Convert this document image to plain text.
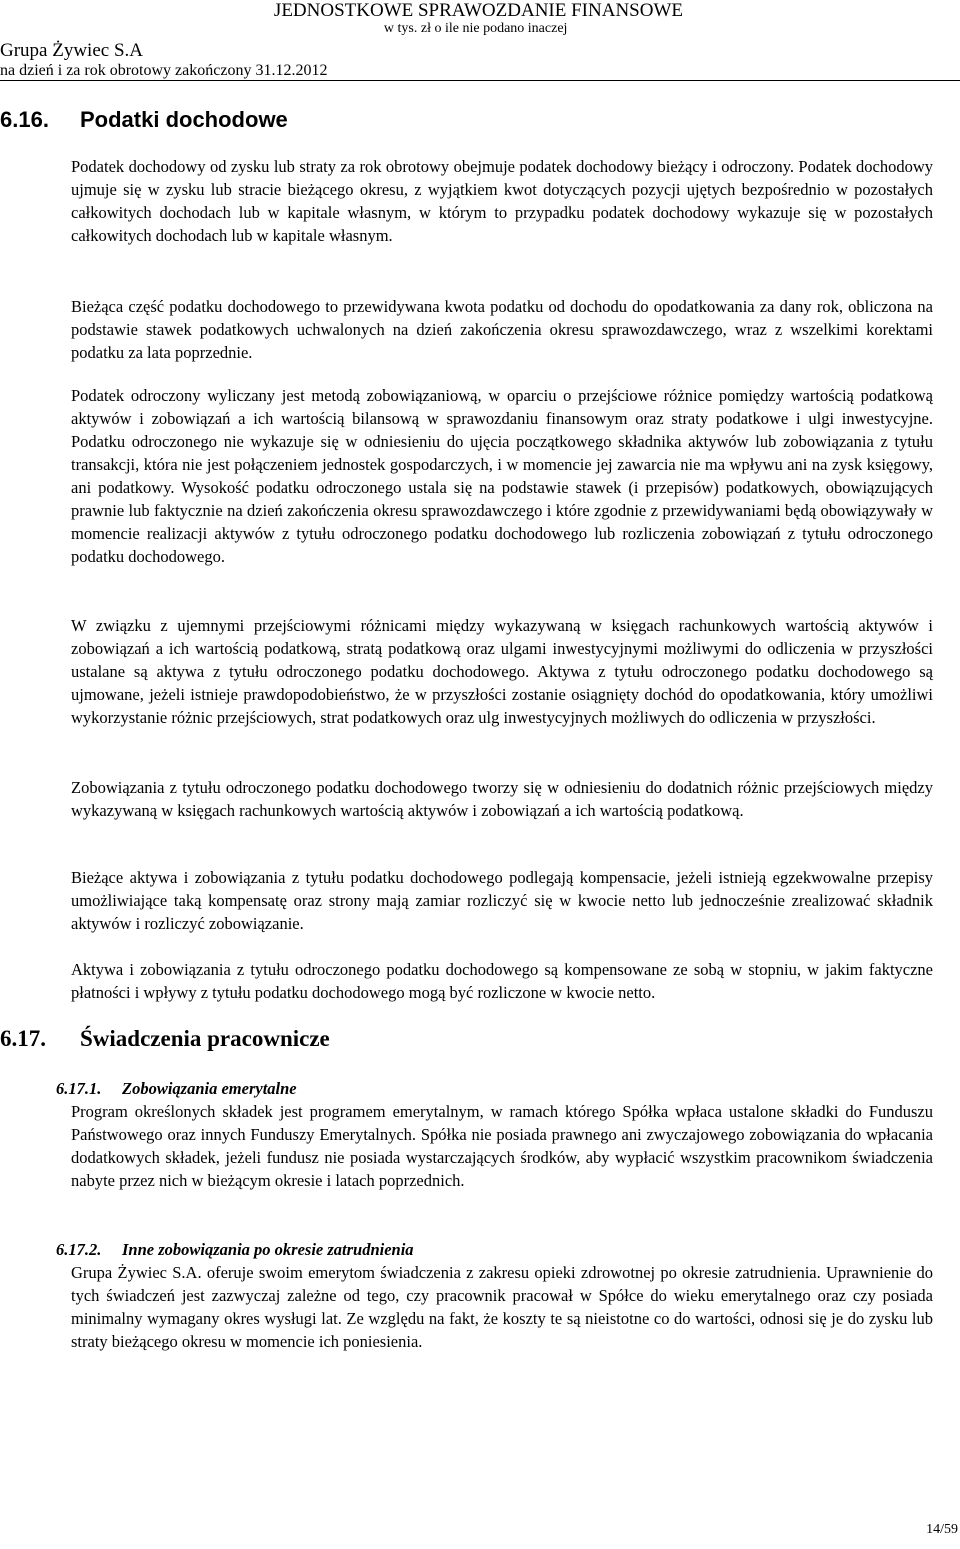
Grupa Żywiec S.A
na dzień i za rok obrotowy zakończony 31.12.2012
JEDNOSTKOWE SPRAWOZDANIE FINANSOWE
w tys. zł o ile nie podano inaczej
6.16. Podatki dochodowe

Podatek dochodowy od zysku lub straty za rok obrotowy obejmuje podatek dochodowy bieżący i odroczony. Podatek dochodowy ujmuje się w zysku lub stracie bieżącego okresu, z wyjątkiem kwot dotyczących pozycji ujętych bezpośrednio w pozostałych całkowitych dochodach lub w kapitale własnym, w którym to przypadku podatek dochodowy wykazuje się w pozostałych całkowitych dochodach lub w kapitale własnym.

Bieżąca część podatku dochodowego to przewidywana kwota podatku od dochodu do opodatkowania za dany rok, obliczona na podstawie stawek podatkowych uchwalonych na dzień zakończenia okresu sprawozdawczego, wraz z wszelkimi korektami podatku za lata poprzednie.

Podatek odroczony wyliczany jest metodą zobowiązaniową, w oparciu o przejściowe różnice pomiędzy wartością podatkową aktywów i zobowiązań a ich wartością bilansową w sprawozdaniu finansowym oraz straty podatkowe i ulgi inwestycyjne. Podatku odroczonego nie wykazuje się w odniesieniu do ujęcia początkowego składnika aktywów lub zobowiązania z tytułu transakcji, która nie jest połączeniem jednostek gospodarczych, i w momencie jej zawarcia nie ma wpływu ani na zysk księgowy, ani podatkowy. Wysokość podatku odroczonego ustala się na podstawie stawek (i przepisów) podatkowych, obowiązujących prawnie lub faktycznie na dzień zakończenia okresu sprawozdawczego i które zgodnie z przewidywaniami będą obowiązywały w momencie realizacji aktywów z tytułu odroczonego podatku dochodowego lub rozliczenia zobowiązań z tytułu odroczonego podatku dochodowego.

W związku z ujemnymi przejściowymi różnicami między wykazywaną w księgach rachunkowych wartością aktywów i zobowiązań a ich wartością podatkową, stratą podatkową oraz ulgami inwestycyjnymi możliwymi do odliczenia w przyszłości ustalane są aktywa z tytułu odroczonego podatku dochodowego. Aktywa z tytułu odroczonego podatku dochodowego są ujmowane, jeżeli istnieje prawdopodobieństwo, że w przyszłości zostanie osiągnięty dochód do opodatkowania, który umożliwi wykorzystanie różnic przejściowych, strat podatkowych oraz ulg inwestycyjnych możliwych do odliczenia w przyszłości.

Zobowiązania z tytułu odroczonego podatku dochodowego tworzy się w odniesieniu do dodatnich różnic przejściowych między wykazywaną w księgach rachunkowych wartością aktywów i zobowiązań a ich wartością podatkową.

Bieżące aktywa i zobowiązania z tytułu podatku dochodowego podlegają kompensacie, jeżeli istnieją egzekwowalne przepisy umożliwiające taką kompensatę oraz strony mają zamiar rozliczyć się w kwocie netto lub jednocześnie zrealizować składnik aktywów i rozliczyć zobowiązanie.

Aktywa i zobowiązania z tytułu odroczonego podatku dochodowego są kompensowane ze sobą w stopniu, w jakim faktyczne płatności i wpływy z tytułu podatku dochodowego mogą być rozliczone w kwocie netto.

6.17. Świadczenia pracownicze

6.17.1. Zobowiązania emerytalne

Program określonych składek jest programem emerytalnym, w ramach którego Spółka wpłaca ustalone składki do Funduszu Państwowego oraz innych Funduszy Emerytalnych. Spółka nie posiada prawnego ani zwyczajowego zobowiązania do wpłacania dodatkowych składek, jeżeli fundusz nie posiada wystarczających środków, aby wypłacić wszystkim pracownikom świadczenia nabyte przez nich w bieżącym okresie i latach poprzednich.

6.17.2. Inne zobowiązania po okresie zatrudnienia

Grupa Żywiec S.A. oferuje swoim emerytom świadczenia z zakresu opieki zdrowotnej po okresie zatrudnienia. Uprawnienie do tych świadczeń jest zazwyczaj zależne od tego, czy pracownik pracował w Spółce do wieku emerytalnego oraz czy posiada minimalny wymagany okres wysługi lat. Ze względu na fakt, że koszty te są nieistotne co do wartości, odnosi się je do zysku lub straty bieżącego okresu w momencie ich poniesienia.

14/59
